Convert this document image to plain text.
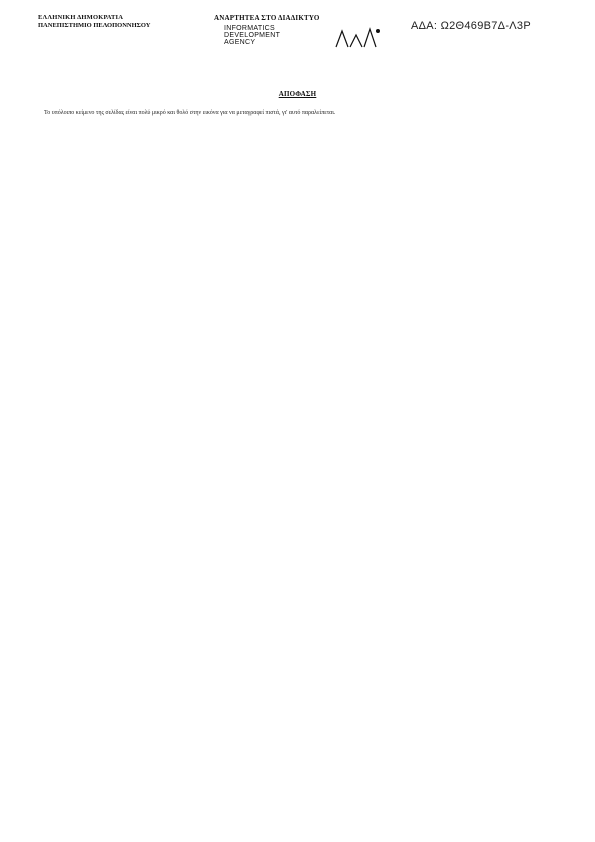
ΕΛΛΗΝΙΚΗ ΔΗΜΟΚΡΑΤΙΑ
ΠΑΝΕΠΙΣΤΗΜΙΟ ΠΕΛΟΠΟΝΝΗΣΟΥ
ΑΝΑΡΤΗΤΕΑ ΣΤΟ ΔΙΑΔΙΚΤΥΟ
ΑΔΑ: Ω2Θ469Β7Δ-Λ3Ρ
INFORMATICS
DEVELOPMENT
AGENCY
ΑΠΟΦΑΣΗ
Το υπόλοιπο κείμενο της σελίδας είναι πολύ μικρό και θολό στην εικόνα για να μεταγραφεί πιστά, γι' αυτό παραλείπεται.
